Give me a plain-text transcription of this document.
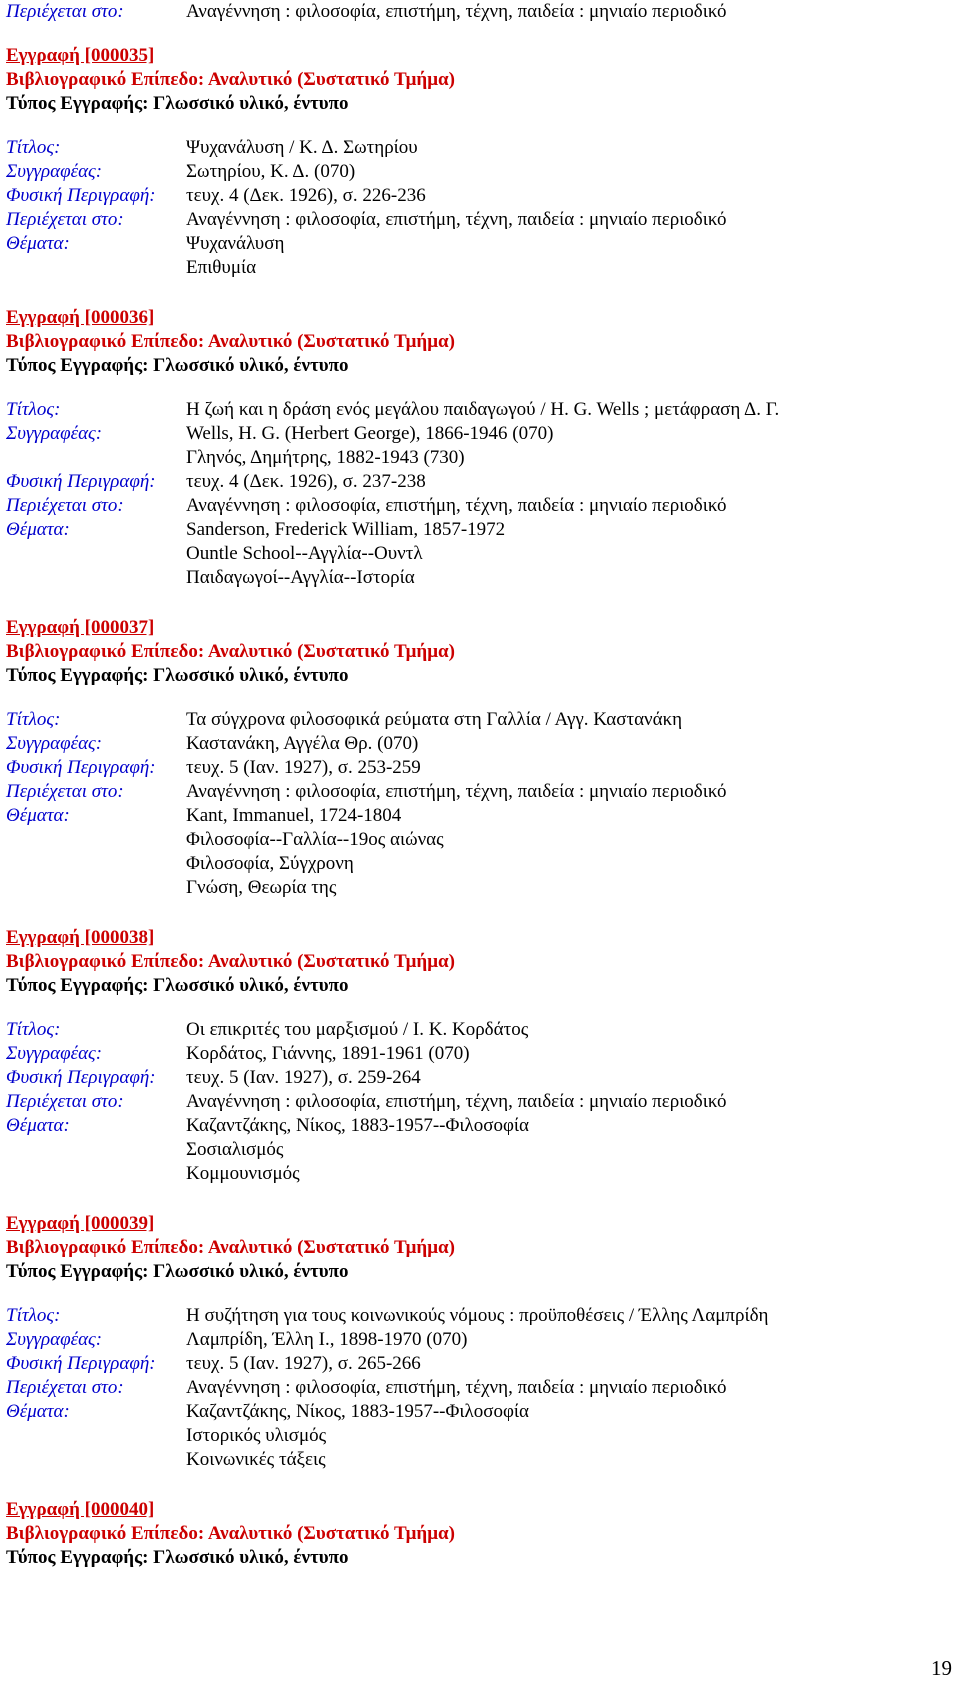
Περιέχεται στο:	Αναγέννηση : φιλοσοφία, επιστήμη, τέχνη, παιδεία : μηνιαίο περιοδικό
Εγγραφή [000035]
Βιβλιογραφικό Επίπεδο: Αναλυτικό (Συστατικό Τμήμα)
Τύπος Εγγραφής: Γλωσσικό υλικό, έντυπο
Τίτλος:	Ψυχανάλυση / Κ. Δ. Σωτηρίου
Συγγραφέας:	Σωτηρίου, Κ. Δ. (070)
Φυσική Περιγραφή:	τευχ. 4 (Δεκ. 1926), σ. 226-236
Περιέχεται στο:	Αναγέννηση : φιλοσοφία, επιστήμη, τέχνη, παιδεία : μηνιαίο περιοδικό
Θέματα:	Ψυχανάλυση
Επιθυμία
Εγγραφή [000036]
Βιβλιογραφικό Επίπεδο: Αναλυτικό (Συστατικό Τμήμα)
Τύπος Εγγραφής: Γλωσσικό υλικό, έντυπο
Τίτλος:	Η ζωή και η δράση ενός μεγάλου παιδαγωγού / H. G. Wells ; μετάφραση Δ. Γ.
Συγγραφέας:	Wells, H. G. (Herbert George), 1866-1946 (070)
Γληνός, Δημήτρης, 1882-1943 (730)
Φυσική Περιγραφή:	τευχ. 4 (Δεκ. 1926), σ. 237-238
Περιέχεται στο:	Αναγέννηση : φιλοσοφία, επιστήμη, τέχνη, παιδεία : μηνιαίο περιοδικό
Θέματα:	Sanderson, Frederick William, 1857-1972
Ountle School--Αγγλία--Ουντλ
Παιδαγωγοί--Αγγλία--Ιστορία
Εγγραφή [000037]
Βιβλιογραφικό Επίπεδο: Αναλυτικό (Συστατικό Τμήμα)
Τύπος Εγγραφής: Γλωσσικό υλικό, έντυπο
Τίτλος:	Τα σύγχρονα φιλοσοφικά ρεύματα στη Γαλλία / Αγγ. Καστανάκη
Συγγραφέας:	Καστανάκη, Αγγέλα Θρ. (070)
Φυσική Περιγραφή:	τευχ. 5 (Ιαν. 1927), σ. 253-259
Περιέχεται στο:	Αναγέννηση : φιλοσοφία, επιστήμη, τέχνη, παιδεία : μηνιαίο περιοδικό
Θέματα:	Kant, Immanuel, 1724-1804
Φιλοσοφία--Γαλλία--19ος αιώνας
Φιλοσοφία, Σύγχρονη
Γνώση, Θεωρία της
Εγγραφή [000038]
Βιβλιογραφικό Επίπεδο: Αναλυτικό (Συστατικό Τμήμα)
Τύπος Εγγραφής: Γλωσσικό υλικό, έντυπο
Τίτλος:	Οι επικριτές του μαρξισμού / Ι. Κ. Κορδάτος
Συγγραφέας:	Κορδάτος, Γιάννης, 1891-1961 (070)
Φυσική Περιγραφή:	τευχ. 5 (Ιαν. 1927), σ. 259-264
Περιέχεται στο:	Αναγέννηση : φιλοσοφία, επιστήμη, τέχνη, παιδεία : μηνιαίο περιοδικό
Θέματα:	Καζαντζάκης, Νίκος, 1883-1957--Φιλοσοφία
Σοσιαλισμός
Κομμουνισμός
Εγγραφή [000039]
Βιβλιογραφικό Επίπεδο: Αναλυτικό (Συστατικό Τμήμα)
Τύπος Εγγραφής: Γλωσσικό υλικό, έντυπο
Τίτλος:	Η συζήτηση για τους κοινωνικούς νόμους : προϋποθέσεις / Έλλης Λαμπρίδη
Συγγραφέας:	Λαμπρίδη, Έλλη Ι., 1898-1970 (070)
Φυσική Περιγραφή:	τευχ. 5 (Ιαν. 1927), σ. 265-266
Περιέχεται στο:	Αναγέννηση : φιλοσοφία, επιστήμη, τέχνη, παιδεία : μηνιαίο περιοδικό
Θέματα:	Καζαντζάκης, Νίκος, 1883-1957--Φιλοσοφία
Ιστορικός υλισμός
Κοινωνικές τάξεις
Εγγραφή [000040]
Βιβλιογραφικό Επίπεδο: Αναλυτικό (Συστατικό Τμήμα)
Τύπος Εγγραφής: Γλωσσικό υλικό, έντυπο
19
